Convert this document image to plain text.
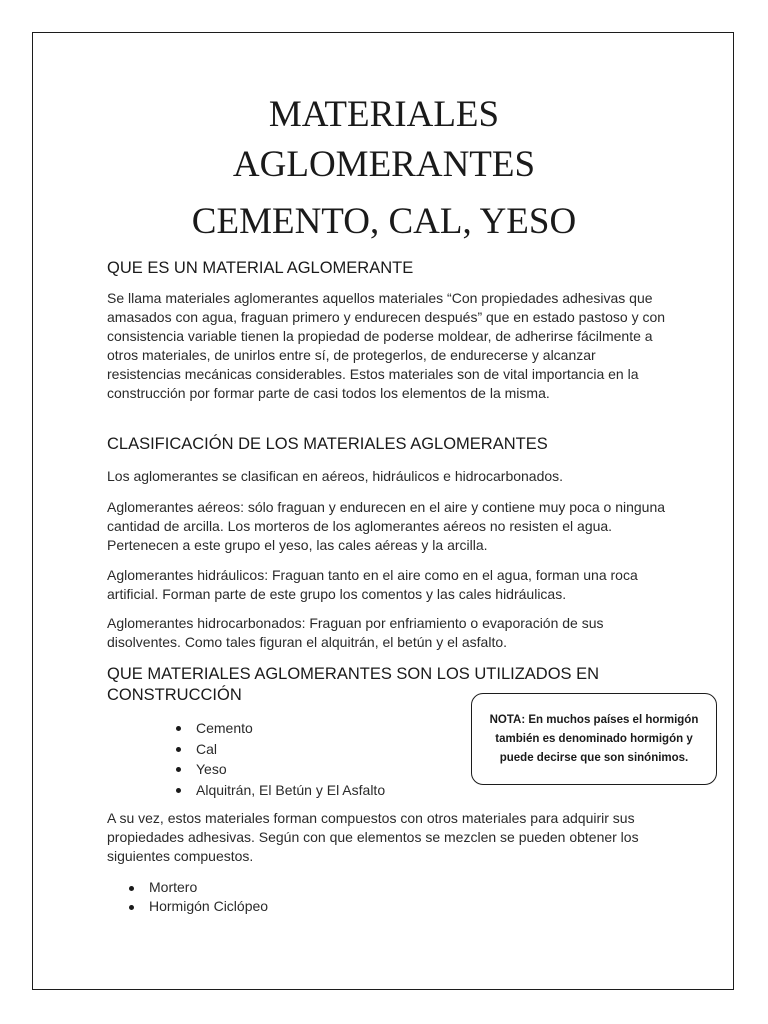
MATERIALES
AGLOMERANTES
CEMENTO, CAL, YESO
QUE ES UN MATERIAL AGLOMERANTE

Se llama materiales aglomerantes aquellos materiales “Con propiedades adhesivas que amasados con agua, fraguan primero y endurecen después” que en estado pastoso y con consistencia variable tienen la propiedad de poderse moldear, de adherirse fácilmente a otros materiales, de unirlos entre sí, de protegerlos, de endurecerse y alcanzar resistencias mecánicas considerables. Estos materiales son de vital importancia en la construcción por formar parte de casi todos los elementos de la misma.

CLASIFICACIÓN DE LOS MATERIALES AGLOMERANTES

Los aglomerantes se clasifican en aéreos, hidráulicos e hidrocarbonados.

Aglomerantes aéreos: sólo fraguan y endurecen en el aire y contiene muy poca o ninguna cantidad de arcilla. Los morteros de los aglomerantes aéreos no resisten el agua. Pertenecen a este grupo el yeso, las cales aéreas y la arcilla.

Aglomerantes hidráulicos: Fraguan tanto en el aire como en el agua, forman una roca artificial. Forman parte de este grupo los comentos y las cales hidráulicas.

Aglomerantes hidrocarbonados: Fraguan por enfriamiento o evaporación de sus disolventes. Como tales figuran el alquitrán, el betún y el asfalto.

QUE MATERIALES AGLOMERANTES SON LOS UTILIZADOS EN CONSTRUCCIÓN
Cemento
Cal
Yeso
Alquitrán, El Betún y El Asfalto
NOTA: En muchos países el hormigón también es denominado hormigón y puede decirse que son sinónimos.

A su vez, estos materiales forman compuestos con otros materiales para adquirir sus propiedades adhesivas. Según con que elementos se mezclen se pueden obtener los siguientes compuestos.

Mortero
Hormigón Ciclópeo
